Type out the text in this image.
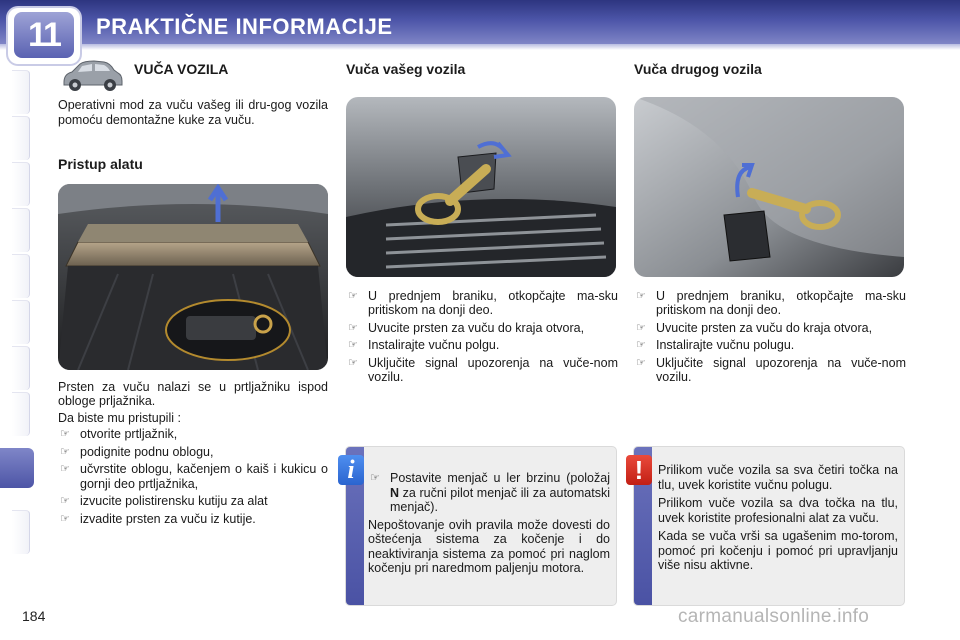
11	PRAKTIČNE INFORMACIJE
VUČA VOZILA

Operativni mod za vuču vašeg ili dru-gog vozila pomoću demontažne kuke za vuču.

Pristup alatu

Prsten za vuču nalazi se u prtljažniku ispod obloge prljažnika.

Da biste mu pristupili :

☞ otvorite prtljažnik,
☞ podignite podnu oblogu,
☞ učvrstite oblogu, kačenjem o kaiš i kukicu o gornji deo prtljažnika,
☞ izvucite polistirensku kutiju za alat
☞ izvadite prsten za vuču iz kutije.
Vuča vašeg vozila
☞ U prednjem braniku, otkopčajte ma-sku pritiskom na donji deo.
☞ Uvucite prsten za vuču do kraja otvora,
☞ Instalirajte vučnu polgu.
☞ Uključite signal upozorenja na vuče-nom vozilu.
Vuča drugog vozila
☞ U prednjem braniku, otkopčajte ma-sku pritiskom na donji deo.
☞ Uvucite prsten za vuču do kraja otvora,
☞ Instalirajte vučnu polugu.
☞ Uključite signal upozorenja na vuče-nom vozilu.
i	☞ Postavite menjač u ler brzinu (položaj N za ručni pilot menjač ili za automatski menjač).

Nepoštovanje ovih pravila može dovesti do oštećenja sistema za kočenje i do neaktiviranja sistema za pomoć pri naglom kočenju pri naredmom paljenju motora.

!	Prilikom vuče vozila sa sva četiri točka na tlu, uvek koristite vučnu polugu.

Prilikom vuče vozila sa dva točka na tlu, uvek koristite profesionalni alat za vuču.

Kada se vuča vrši sa ugašenim mo-torom, pomoć pri kočenju i pomoć pri upravljanju više nisu aktivne.

184	carmanualsonline.info
